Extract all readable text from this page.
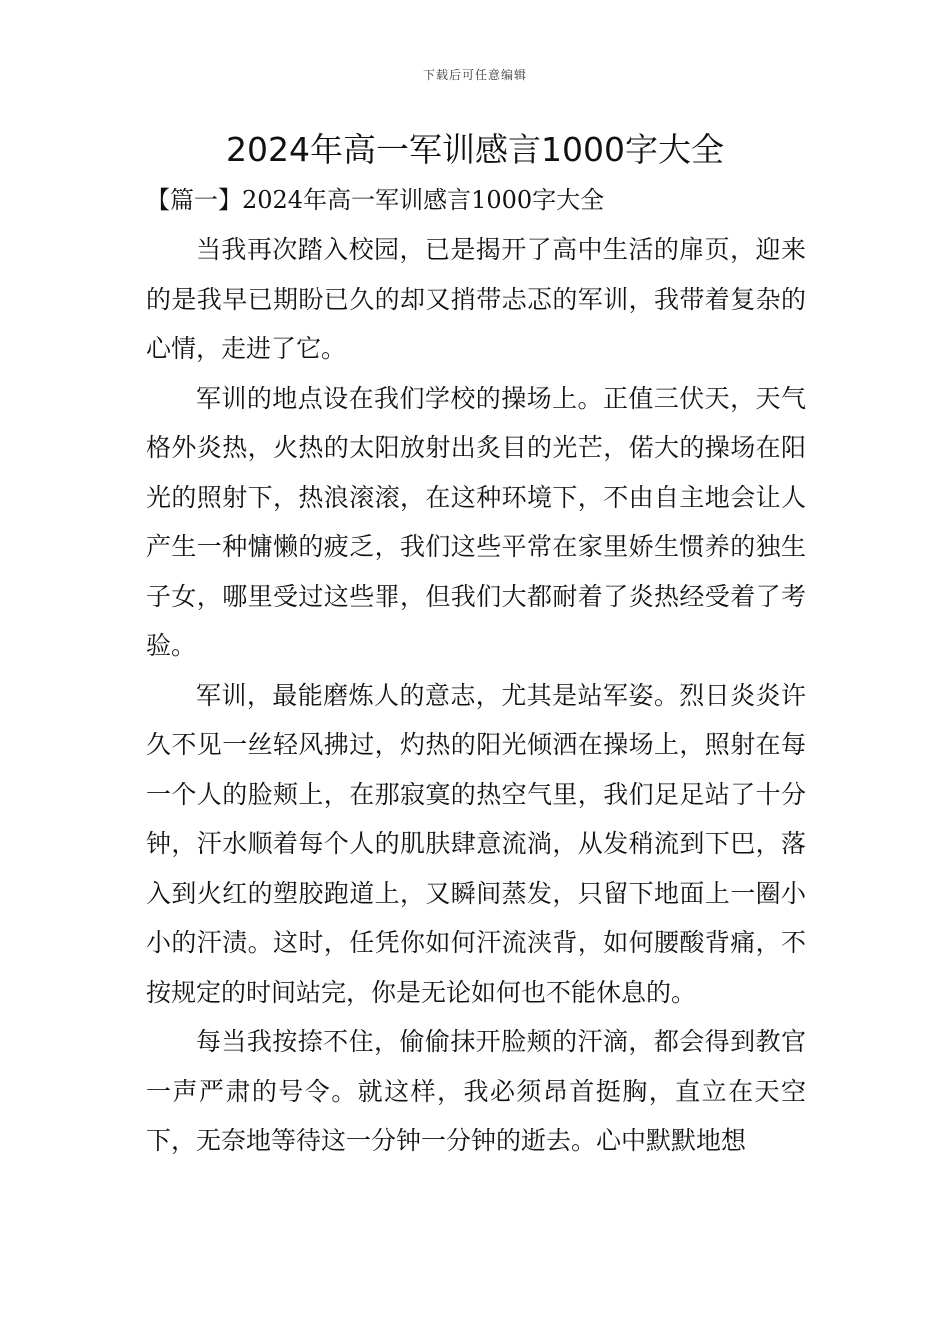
下载后可任意编辑
2024年高一军训感言1000字大全
【篇一】2024年高一军训感言1000字大全

当我再次踏入校园，已是揭开了高中生活的扉页，迎来的是我早已期盼已久的却又捎带忐忑的军训，我带着复杂的心情，走进了它。

军训的地点设在我们学校的操场上。正值三伏天，天气格外炎热，火热的太阳放射出炙目的光芒，偌大的操场在阳光的照射下，热浪滚滚，在这种环境下，不由自主地会让人产生一种慵懒的疲乏，我们这些平常在家里娇生惯养的独生子女，哪里受过这些罪，但我们大都耐着了炎热经受着了考验。

军训，最能磨炼人的意志，尤其是站军姿。烈日炎炎许久不见一丝轻风拂过，灼热的阳光倾洒在操场上，照射在每一个人的脸颊上，在那寂寞的热空气里，我们足足站了十分钟，汗水顺着每个人的肌肤肆意流淌，从发稍流到下巴，落入到火红的塑胶跑道上，又瞬间蒸发，只留下地面上一圈小小的汗渍。这时，任凭你如何汗流浃背，如何腰酸背痛，不按规定的时间站完，你是无论如何也不能休息的。

每当我按捺不住，偷偷抹开脸颊的汗滴，都会得到教官一声严肃的号令。就这样，我必须昂首挺胸，直立在天空下，无奈地等待这一分钟一分钟的逝去。心中默默地想
